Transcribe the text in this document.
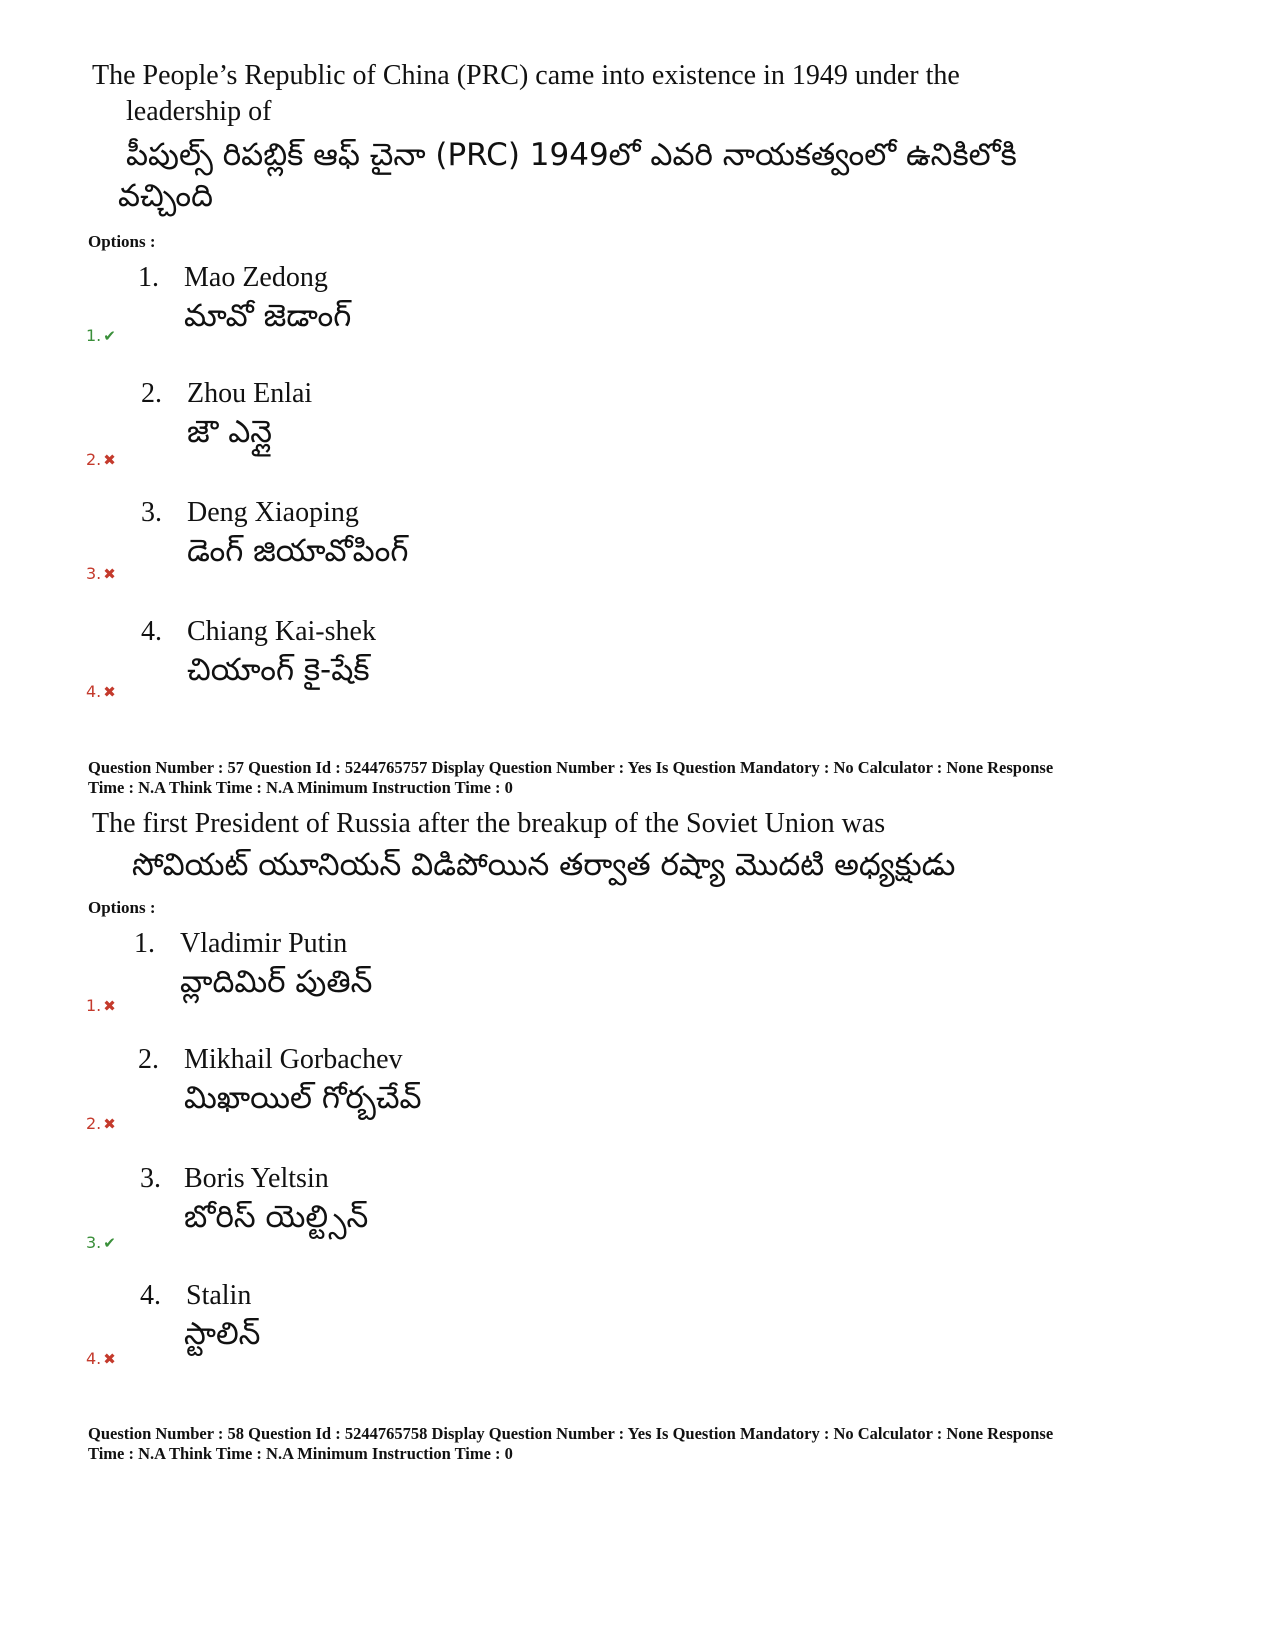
The People’s Republic of China (PRC) came into existence in 1949 under the
leadership of
పీపుల్స్ రిపబ్లిక్ ఆఫ్ చైనా (PRC) 1949లో ఎవరి నాయకత్వంలో ఉనికిలోకి
వచ్చింది
Options :
1. Mao Zedong
మావో జెడాంగ్
1. ✔
2. Zhou Enlai
జౌ ఎన్లై
2. ✖
3. Deng Xiaoping
డెంగ్ జియావోపింగ్
3. ✖
4. Chiang Kai-shek
చియాంగ్ కై-షేక్
4. ✖
Question Number : 57 Question Id : 5244765757 Display Question Number : Yes Is Question Mandatory : No Calculator : None Response
Time : N.A Think Time : N.A Minimum Instruction Time : 0
The first President of Russia after the breakup of the Soviet Union was
సోవియట్ యూనియన్ విడిపోయిన తర్వాత రష్యా మొదటి అధ్యక్షుడు
Options :
1. Vladimir Putin
వ్లాదిమిర్ పుతిన్
1. ✖
2. Mikhail Gorbachev
మిఖాయిల్ గోర్బచేవ్
2. ✖
3. Boris Yeltsin
బోరిస్ యెల్ట్సిన్
3. ✔
4. Stalin
స్టాలిన్
4. ✖
Question Number : 58 Question Id : 5244765758 Display Question Number : Yes Is Question Mandatory : No Calculator : None Response
Time : N.A Think Time : N.A Minimum Instruction Time : 0
